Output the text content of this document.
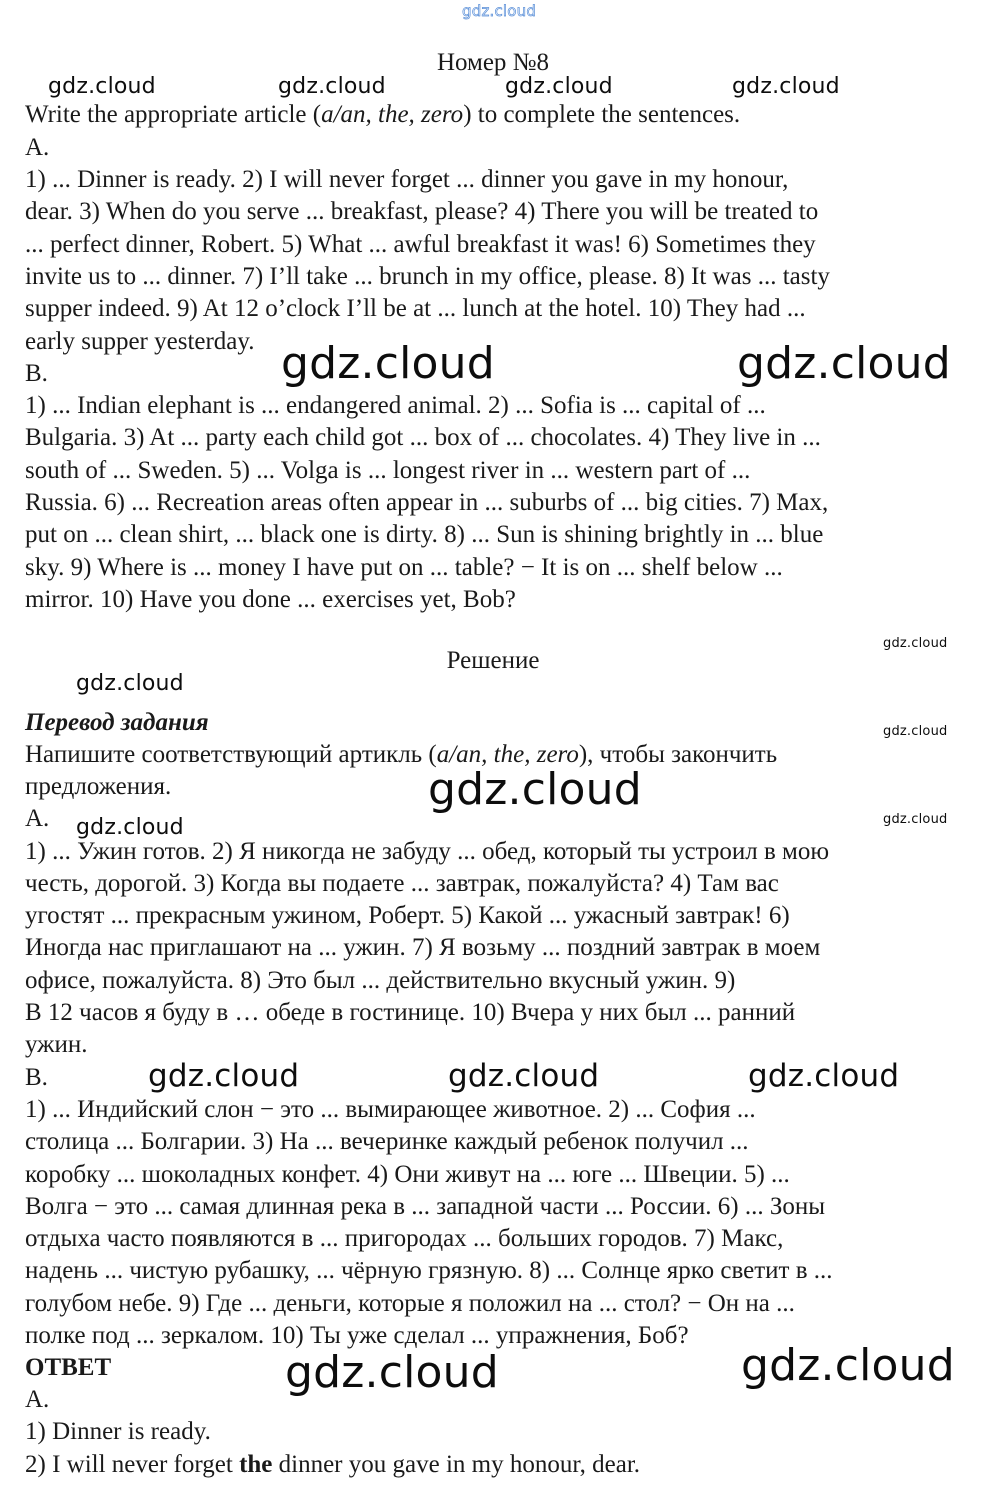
gdz.cloud
gdz.cloud	gdz.cloud	gdz.cloud	gdz.cloud
gdz.cloud	gdz.cloud
gdz.cloud
gdz.cloud
gdz.cloud
gdz.cloud
gdz.cloud
gdz.cloud
gdz.cloud	gdz.cloud	gdz.cloud
gdz.cloud	gdz.cloud
Номер №8
Write the appropriate article (a/an, the, zero) to complete the sentences.
A.
1) ... Dinner is ready. 2) I will never forget ... dinner you gave in my honour,
dear. 3) When do you serve ... breakfast, please? 4) There you will be treated to
... perfect dinner, Robert. 5) What ... awful breakfast it was! 6) Sometimes they
invite us to ... dinner. 7) I’ll take ... brunch in my office, please. 8) It was ... tasty
supper indeed. 9) At 12 o’clock I’ll be at ... lunch at the hotel. 10) They had ...
early supper yesterday.
B.
1) ... Indian elephant is ... endangered animal. 2) ... Sofia is ... capital of ...
Bulgaria. 3) At ... party each child got ... box of ... chocolates. 4) They live in ...
south of ... Sweden. 5) ... Volga is ... longest river in ... western part of ...
Russia. 6) ... Recreation areas often appear in ... suburbs of ... big cities. 7) Max,
put on ... clean shirt, ... black one is dirty. 8) ... Sun is shining brightly in ... blue
sky. 9) Where is ... money I have put on ... table? − It is on ... shelf below ...
mirror. 10) Have you done ... exercises yet, Bob?
Решение
Перевод задания
Напишите соответствующий артикль (a/an, the, zero), чтобы закончить
предложения.
A.
1) ... Ужин готов. 2) Я никогда не забуду ... обед, который ты устроил в мою
честь, дорогой. 3) Когда вы подаете ... завтрак, пожалуйста? 4) Там вас
угостят ... прекрасным ужином, Роберт. 5) Какой ... ужасный завтрак! 6)
Иногда нас приглашают на ... ужин. 7) Я возьму ... поздний завтрак в моем
офисе, пожалуйста. 8) Это был ... действительно вкусный ужин. 9)
В 12 часов я буду в … обеде в гостинице. 10) Вчера у них был ... ранний
ужин.
B.
1) ... Индийский слон − это ... вымирающее животное. 2) ... София ...
столица ... Болгарии. 3) На ... вечеринке каждый ребенок получил ...
коробку ... шоколадных конфет. 4) Они живут на ... юге ... Швеции. 5) ...
Волга − это ... самая длинная река в ... западной части ... России. 6) ... Зоны
отдыха часто появляются в ... пригородах ... больших городов. 7) Макс,
надень ... чистую рубашку, ... чёрную грязную. 8) ... Солнце ярко светит в ...
голубом небе. 9) Где ... деньги, которые я положил на ... стол? − Он на ...
полке под ... зеркалом. 10) Ты уже сделал ... упражнения, Боб?
ОТВЕТ
A.
1) Dinner is ready.
2) I will never forget the dinner you gave in my honour, dear.
